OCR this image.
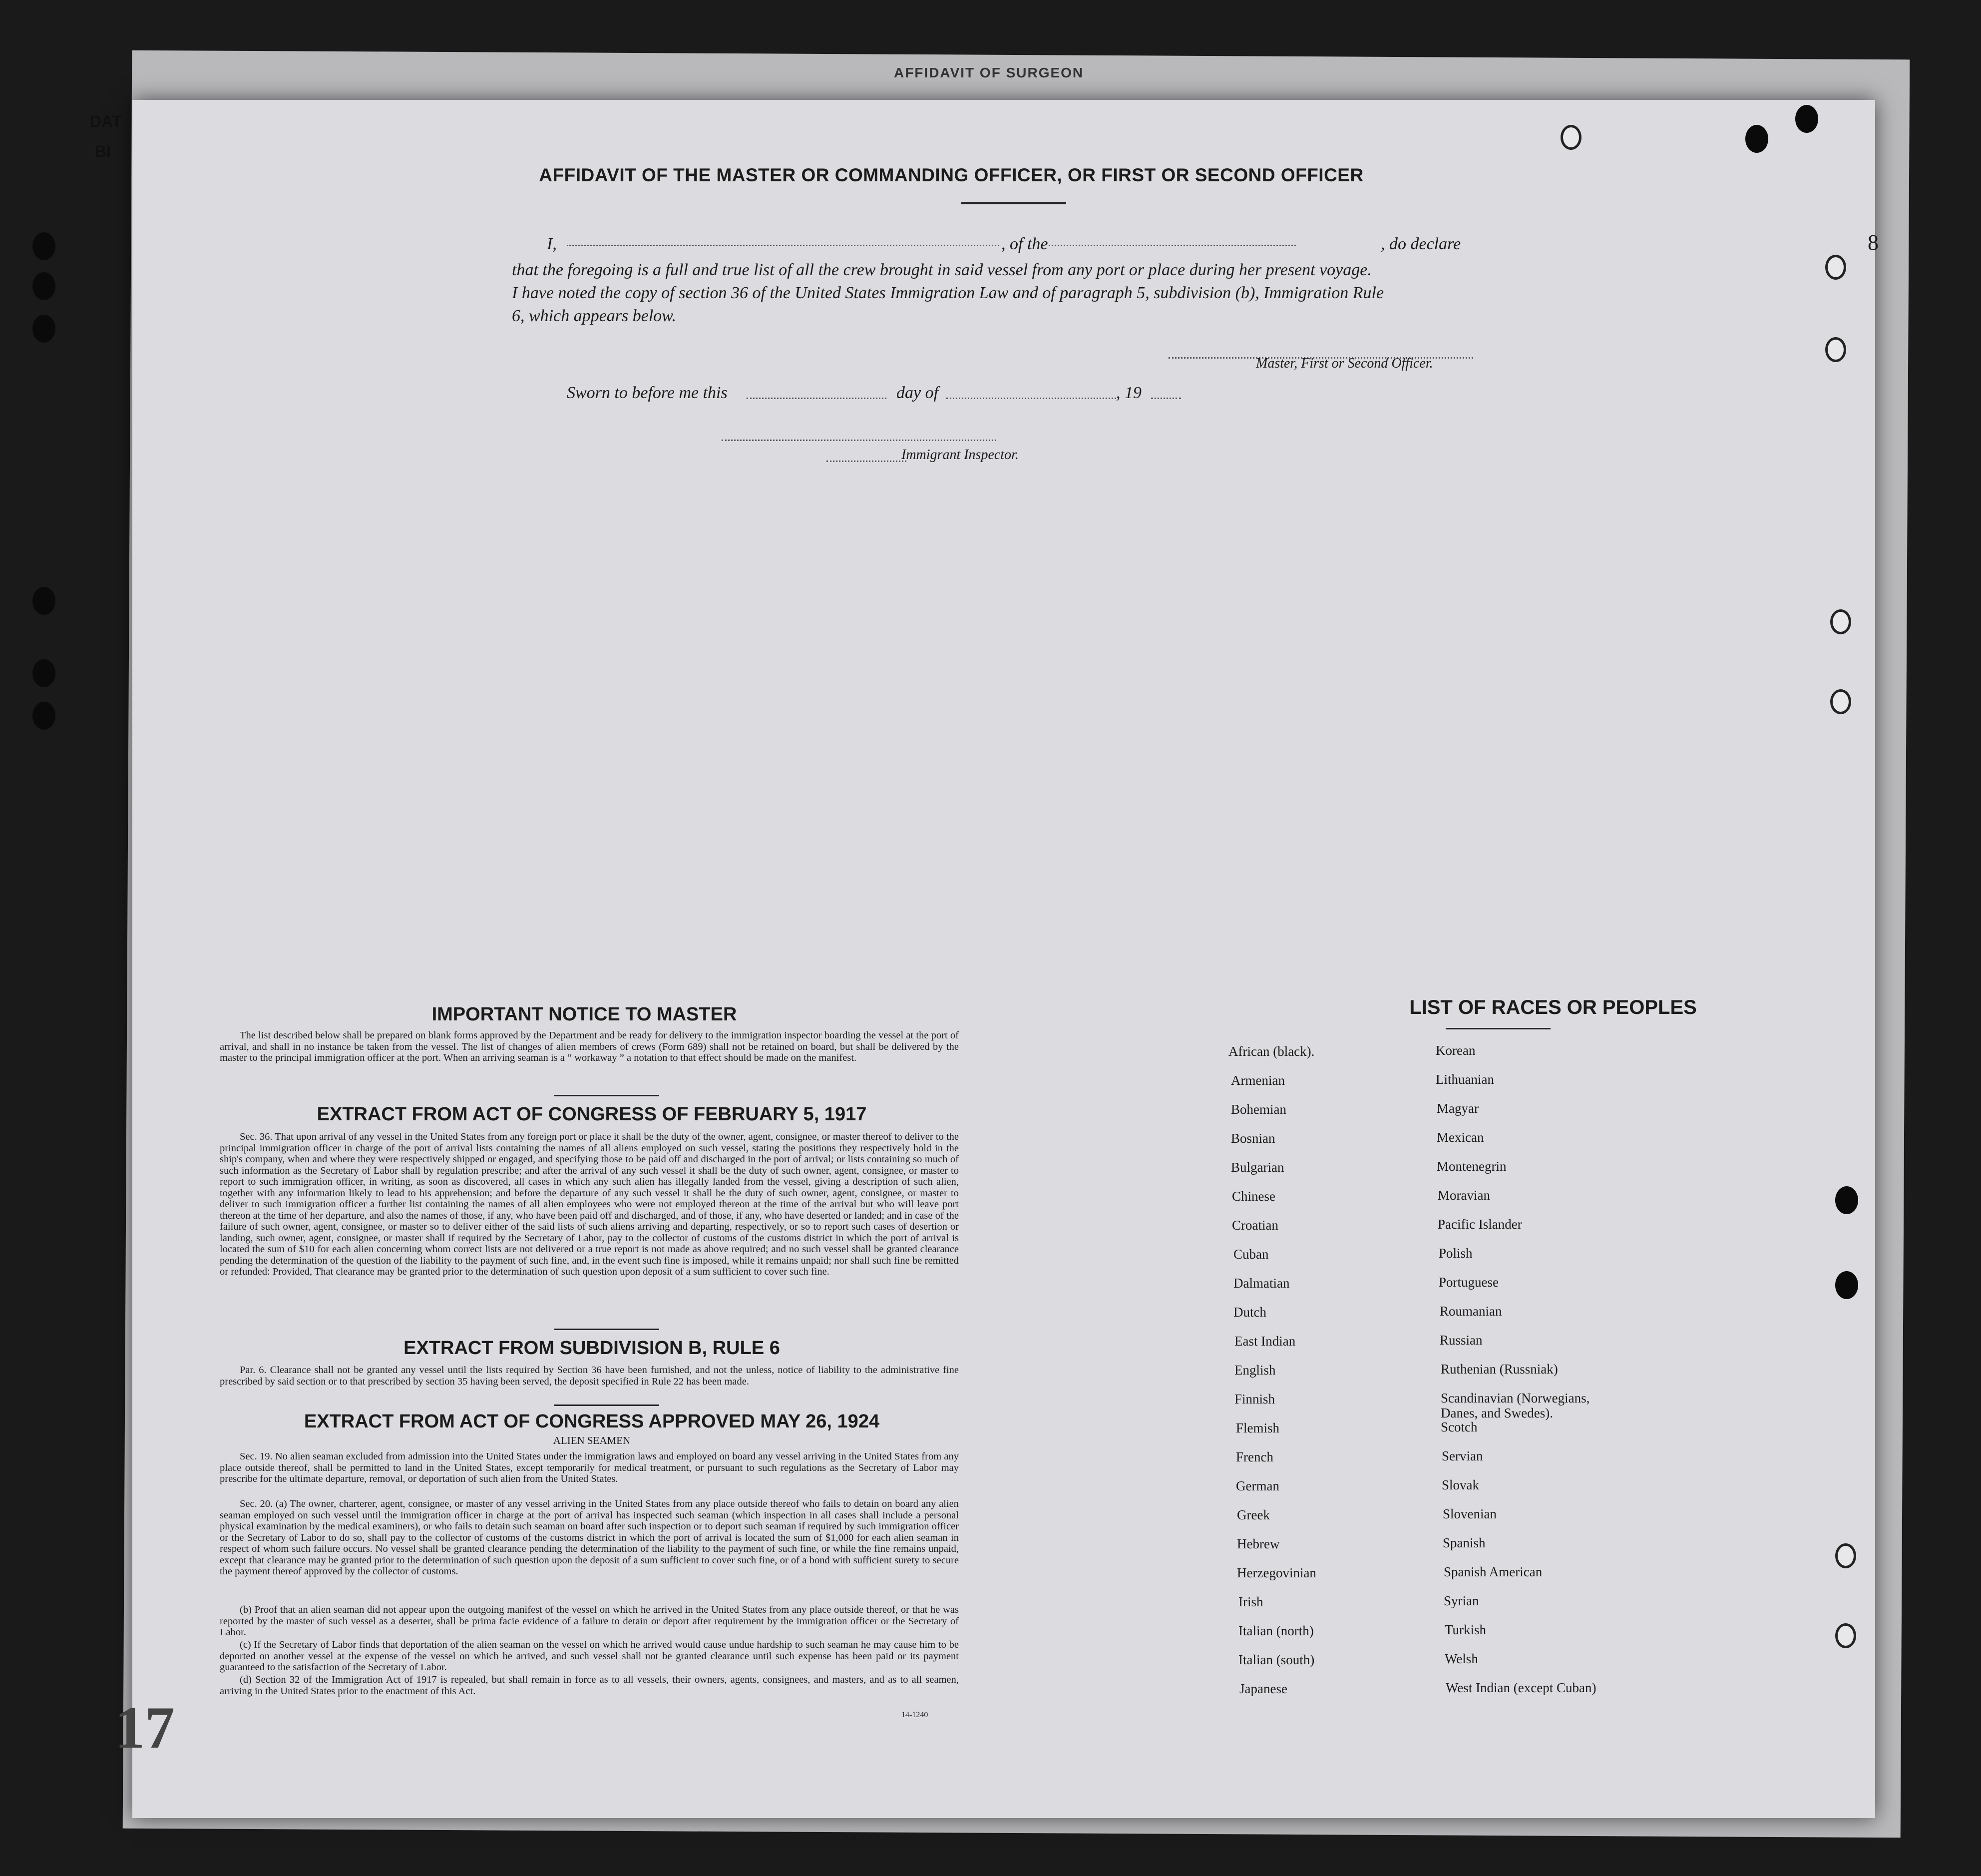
AFFIDAVIT OF SURGEON
DAT
BI
8
AFFIDAVIT OF THE MASTER OR COMMANDING OFFICER, OR FIRST OR SECOND OFFICER
I,	, of the	, do declare
that the foregoing is a full and true list of all the crew brought in said vessel from any port or place during her present voyage.
I have noted the copy of section 36 of the United States Immigration Law and of paragraph 5, subdivision (b), Immigration Rule
6, which appears below.
Master, First or Second Officer.
Sworn to before me this	day of	, 19
Immigrant Inspector.
IMPORTANT NOTICE TO MASTER
The list described below shall be prepared on blank forms approved by the Department and be ready for delivery to the immigration inspector boarding the vessel at the port of arrival, and shall in no instance be taken from the vessel. The list of changes of alien members of crews (Form 689) shall not be retained on board, but shall be delivered by the master to the principal immigration officer at the port. When an arriving seaman is a “ workaway ” a notation to that effect should be made on the manifest.
EXTRACT FROM ACT OF CONGRESS OF FEBRUARY 5, 1917
Sec. 36. That upon arrival of any vessel in the United States from any foreign port or place it shall be the duty of the owner, agent, consignee, or master thereof to deliver to the principal immigration officer in charge of the port of arrival lists containing the names of all aliens employed on such vessel, stating the positions they respectively hold in the ship's company, when and where they were respectively shipped or engaged, and specifying those to be paid off and discharged in the port of arrival; or lists containing so much of such information as the Secretary of Labor shall by regulation prescribe; and after the arrival of any such vessel it shall be the duty of such owner, agent, consignee, or master to report to such immigration officer, in writing, as soon as discovered, all cases in which any such alien has illegally landed from the vessel, giving a description of such alien, together with any information likely to lead to his apprehension; and before the departure of any such vessel it shall be the duty of such owner, agent, consignee, or master to deliver to such immigration officer a further list containing the names of all alien employees who were not employed thereon at the time of the arrival but who will leave port thereon at the time of her departure, and also the names of those, if any, who have been paid off and discharged, and of those, if any, who have deserted or landed; and in case of the failure of such owner, agent, consignee, or master so to deliver either of the said lists of such aliens arriving and departing, respectively, or so to report such cases of desertion or landing, such owner, agent, consignee, or master shall if required by the Secretary of Labor, pay to the collector of customs of the customs district in which the port of arrival is located the sum of $10 for each alien concerning whom correct lists are not delivered or a true report is not made as above required; and no such vessel shall be granted clearance pending the determination of the question of the liability to the payment of such fine, and, in the event such fine is imposed, while it remains unpaid; nor shall such fine be remitted or refunded: Provided, That clearance may be granted prior to the determination of such question upon deposit of a sum sufficient to cover such fine.
EXTRACT FROM SUBDIVISION B, RULE 6
Par. 6. Clearance shall not be granted any vessel until the lists required by Section 36 have been furnished, and not the unless, notice of liability to the administrative fine prescribed by said section or to that prescribed by section 35 having been served, the deposit specified in Rule 22 has been made.
EXTRACT FROM ACT OF CONGRESS APPROVED MAY 26, 1924
ALIEN SEAMEN
Sec. 19. No alien seaman excluded from admission into the United States under the immigration laws and employed on board any vessel arriving in the United States from any place outside thereof, shall be permitted to land in the United States, except temporarily for medical treatment, or pursuant to such regulations as the Secretary of Labor may prescribe for the ultimate departure, removal, or deportation of such alien from the United States.
Sec. 20. (a) The owner, charterer, agent, consignee, or master of any vessel arriving in the United States from any place outside thereof who fails to detain on board any alien seaman employed on such vessel until the immigration officer in charge at the port of arrival has inspected such seaman (which inspection in all cases shall include a personal physical examination by the medical examiners), or who fails to detain such seaman on board after such inspection or to deport such seaman if required by such immigration officer or the Secretary of Labor to do so, shall pay to the collector of customs of the customs district in which the port of arrival is located the sum of $1,000 for each alien seaman in respect of whom such failure occurs. No vessel shall be granted clearance pending the determination of the liability to the payment of such fine, or while the fine remains unpaid, except that clearance may be granted prior to the determination of such question upon the deposit of a sum sufficient to cover such fine, or of a bond with sufficient surety to secure the payment thereof approved by the collector of customs.
(b) Proof that an alien seaman did not appear upon the outgoing manifest of the vessel on which he arrived in the United States from any place outside thereof, or that he was reported by the master of such vessel as a deserter, shall be prima facie evidence of a failure to detain or deport after requirement by the immigration officer or the Secretary of Labor.
(c) If the Secretary of Labor finds that deportation of the alien seaman on the vessel on which he arrived would cause undue hardship to such seaman he may cause him to be deported on another vessel at the expense of the vessel on which he arrived, and such vessel shall not be granted clearance until such expense has been paid or its payment guaranteed to the satisfaction of the Secretary of Labor.
(d) Section 32 of the Immigration Act of 1917 is repealed, but shall remain in force as to all vessels, their owners, agents, consignees, and masters, and as to all seamen, arriving in the United States prior to the enactment of this Act.
14-1240
LIST OF RACES OR PEOPLES
African (black).
Armenian
Bohemian
Bosnian
Bulgarian
Chinese
Croatian
Cuban
Dalmatian
Dutch
East Indian
English
Finnish
Flemish
French
German
Greek
Hebrew
Herzegovinian
Irish
Italian (north)
Italian (south)
Japanese
Korean
Lithuanian
Magyar
Mexican
Montenegrin
Moravian
Pacific Islander
Polish
Portuguese
Roumanian
Russian
Ruthenian (Russniak)
Scandinavian (Norwegians, Danes, and Swedes).
Scotch
Servian
Slovak
Slovenian
Spanish
Spanish American
Syrian
Turkish
Welsh
West Indian (except Cuban)
17
